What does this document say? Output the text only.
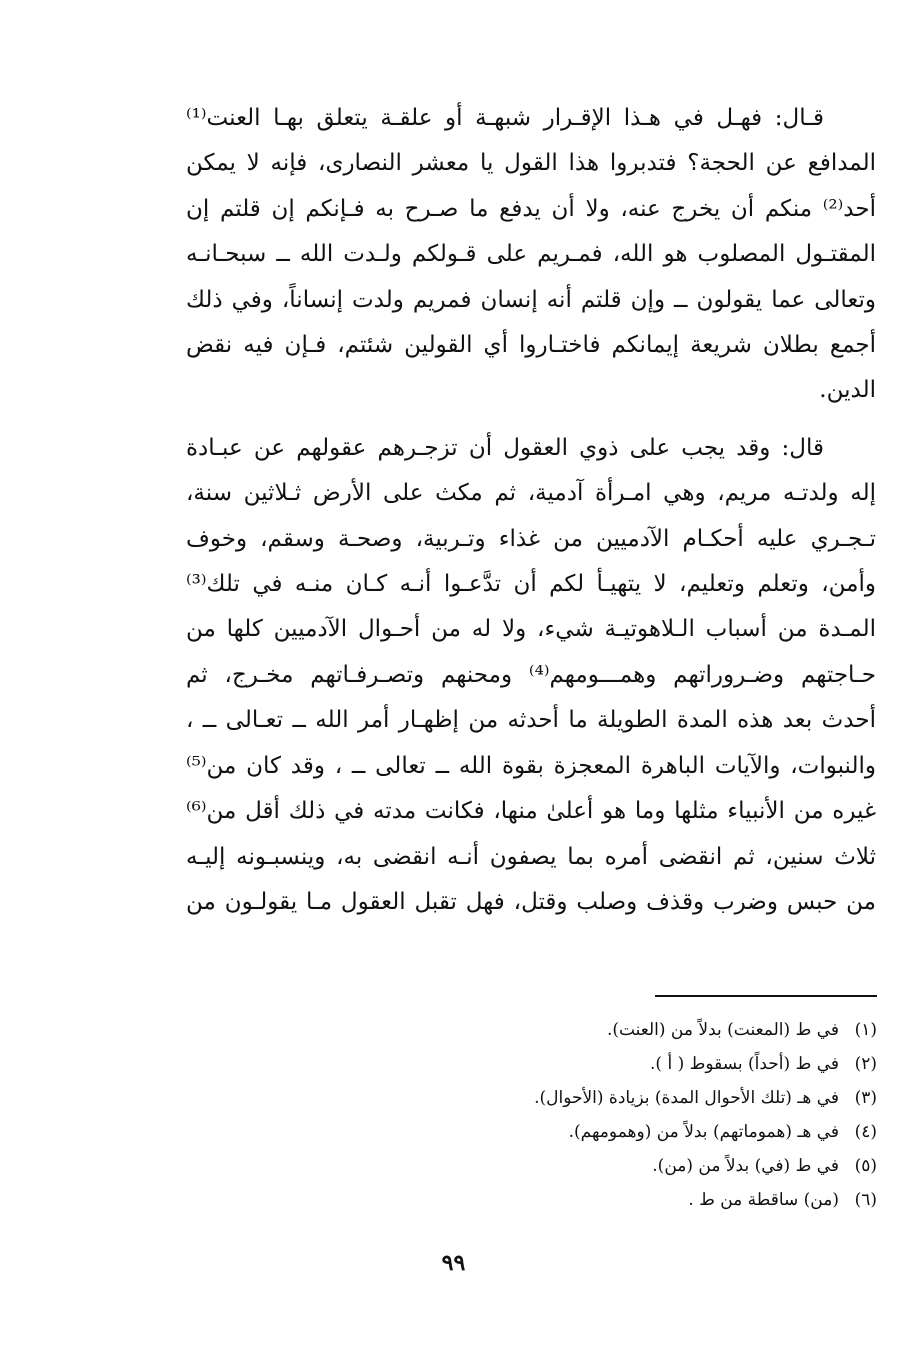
قـال: فهـل في هـذا الإقـرار شبهـة أو علقـة يتعلق بهـا العنت⁽¹⁾
المدافع عن الحجة؟ فتدبروا هذا القول يا معشر النصارى، فإنه لا يمكن
أحد⁽²⁾ منكم أن يخرج عنه، ولا أن يدفع ما صـرح به فـإنكم إن قلتم إن
المقتـول المصلوب هو الله، فمـريم على قـولكم ولـدت الله ــ سبحـانـه
وتعالى عما يقولون ــ وإن قلتم أنه إنسان فمريم ولدت إنساناً، وفي ذلك
أجمع بطلان شريعة إيمانكم فاختـاروا أي القولين شئتم، فـإن فيه نقض
الدين.

قال: وقد يجب على ذوي العقول أن تزجـرهم عقولهم عن عبـادة
إله ولدتـه مريم، وهي امـرأة آدمية، ثم مكث على الأرض ثـلاثين سنة،
تـجـري عليه أحكـام الآدميين من غذاء وتـربية، وصحـة وسقم، وخوف
وأمن، وتعلم وتعليم، لا يتهيـأ لكم أن تدَّعـوا أنـه كـان منـه في تلك⁽³⁾
المـدة من أسباب الـلاهوتيـة شيء، ولا له من أحـوال الآدميين كلها من
حـاجتهم وضـروراتهم وهمـــومهم⁽⁴⁾ ومحنهم وتصـرفـاتهم مخـرج، ثم
أحدث بعد هذه المدة الطويلة ما أحدثه من إظهـار أمر الله ــ تعـالى ــ ،
والنبوات، والآيات الباهرة المعجزة بقوة الله ــ تعالى ــ ، وقد كان من⁽⁵⁾
غيره من الأنبياء مثلها وما هو أعلىٰ منها، فكانت مدته في ذلك أقل من⁽⁶⁾
ثلاث سنين، ثم انقضى أمره بما يصفون أنـه انقضى به، وينسبـونه إليـه
من حبس وضرب وقذف وصلب وقتل، فهل تقبل العقول مـا يقولـون من

(١)
في ط (المعنت) بدلاً من (العنت).
(٢)
في ط (أحداً) بسقوط ( أ ).
(٣)
في هـ (تلك الأحوال المدة) بزيادة (الأحوال).
(٤)
في هـ (هموماتهم) بدلاً من (وهمومهم).
(٥)
في ط (في) بدلاً من (من).
(٦)
(من) ساقطة من ط .
٩٩
